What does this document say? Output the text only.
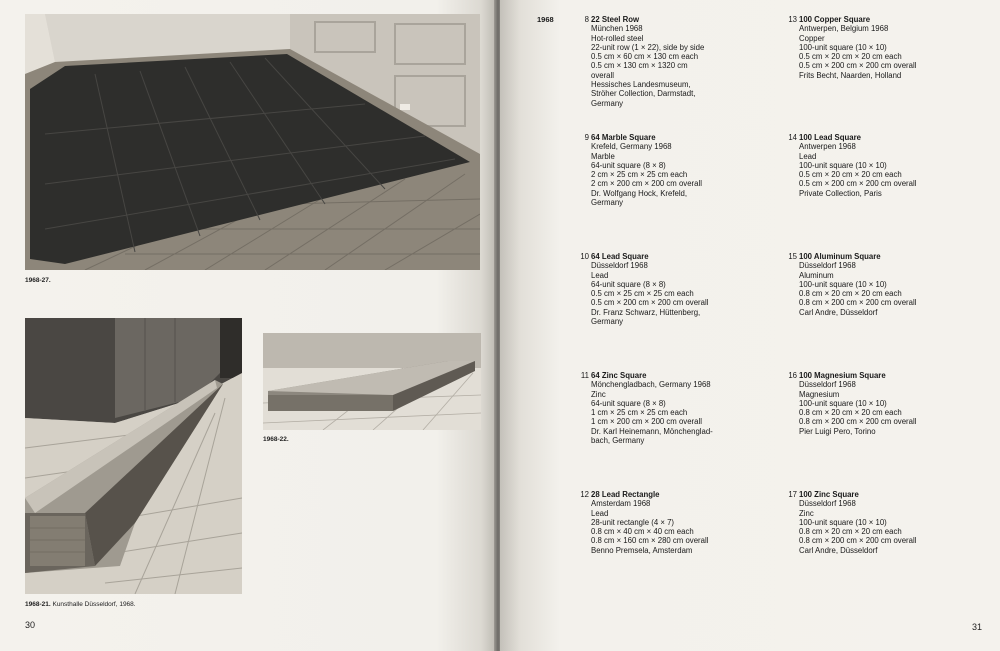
1968-27.
1968-21. Kunsthalle Düsseldorf, 1968.
1968-22.
30
1968	8 22 Steel Row
München 1968
Hot-rolled steel
22-unit row (1 × 22), side by side
0.5 cm × 60 cm × 130 cm each
0.5 cm × 130 cm × 1320 cm
overall
Hessisches Landesmuseum,
Ströher Collection, Darmstadt,
Germany
9 64 Marble Square
Krefeld, Germany 1968
Marble
64-unit square (8 × 8)
2 cm × 25 cm × 25 cm each
2 cm × 200 cm × 200 cm overall
Dr. Wolfgang Hock, Krefeld,
Germany
10 64 Lead Square
Düsseldorf 1968
Lead
64-unit square (8 × 8)
0.5 cm × 25 cm × 25 cm each
0.5 cm × 200 cm × 200 cm overall
Dr. Franz Schwarz, Hüttenberg,
Germany
11 64 Zinc Square
Mönchengladbach, Germany 1968
Zinc
64-unit square (8 × 8)
1 cm × 25 cm × 25 cm each
1 cm × 200 cm × 200 cm overall
Dr. Karl Heinemann, Mönchenglad-
bach, Germany
12 28 Lead Rectangle
Amsterdam 1968
Lead
28-unit rectangle (4 × 7)
0.8 cm × 40 cm × 40 cm each
0.8 cm × 160 cm × 280 cm overall
Benno Premsela, Amsterdam
13 100 Copper Square
Antwerpen, Belgium 1968
Copper
100-unit square (10 × 10)
0.5 cm × 20 cm × 20 cm each
0.5 cm × 200 cm × 200 cm overall
Frits Becht, Naarden, Holland
14 100 Lead Square
Antwerpen 1968
Lead
100-unit square (10 × 10)
0.5 cm × 20 cm × 20 cm each
0.5 cm × 200 cm × 200 cm overall
Private Collection, Paris
15 100 Aluminum Square
Düsseldorf 1968
Aluminum
100-unit square (10 × 10)
0.8 cm × 20 cm × 20 cm each
0.8 cm × 200 cm × 200 cm overall
Carl Andre, Düsseldorf
16 100 Magnesium Square
Düsseldorf 1968
Magnesium
100-unit square (10 × 10)
0.8 cm × 20 cm × 20 cm each
0.8 cm × 200 cm × 200 cm overall
Pier Luigi Pero, Torino
17 100 Zinc Square
Düsseldorf 1968
Zinc
100-unit square (10 × 10)
0.8 cm × 20 cm × 20 cm each
0.8 cm × 200 cm × 200 cm overall
Carl Andre, Düsseldorf
31
